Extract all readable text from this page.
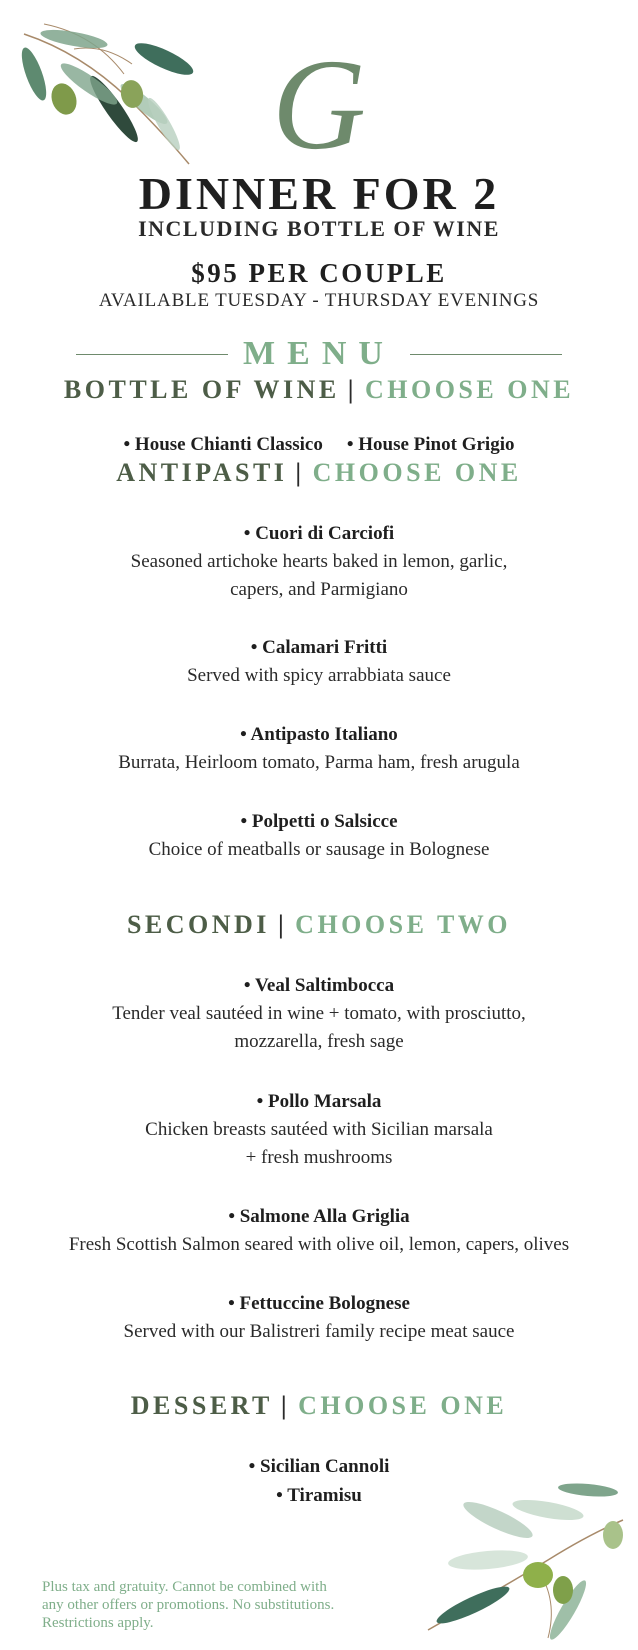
G
DINNER FOR 2
INCLUDING BOTTLE OF WINE
$95 PER COUPLE
AVAILABLE TUESDAY - THURSDAY EVENINGS
MENU
BOTTLE OF WINE | CHOOSE ONE
• House Chianti Classico • House Pinot Grigio
ANTIPASTI | CHOOSE ONE
• Cuori di Carciofi
Seasoned artichoke hearts baked in lemon, garlic,
capers, and Parmigiano
• Calamari Fritti
Served with spicy arrabbiata sauce
• Antipasto Italiano
Burrata, Heirloom tomato, Parma ham, fresh arugula
• Polpetti o Salsicce
Choice of meatballs or sausage in Bolognese
SECONDI | CHOOSE TWO
• Veal Saltimbocca
Tender veal sautéed in wine + tomato, with prosciutto,
mozzarella, fresh sage
• Pollo Marsala
Chicken breasts sautéed with Sicilian marsala
+ fresh mushrooms
• Salmone Alla Griglia
Fresh Scottish Salmon seared with olive oil, lemon, capers, olives
• Fettuccine Bolognese
Served with our Balistreri family recipe meat sauce
DESSERT | CHOOSE ONE
• Sicilian Cannoli
• Tiramisu
Plus tax and gratuity. Cannot be combined with
any other offers or promotions. No substitutions.
Restrictions apply.
